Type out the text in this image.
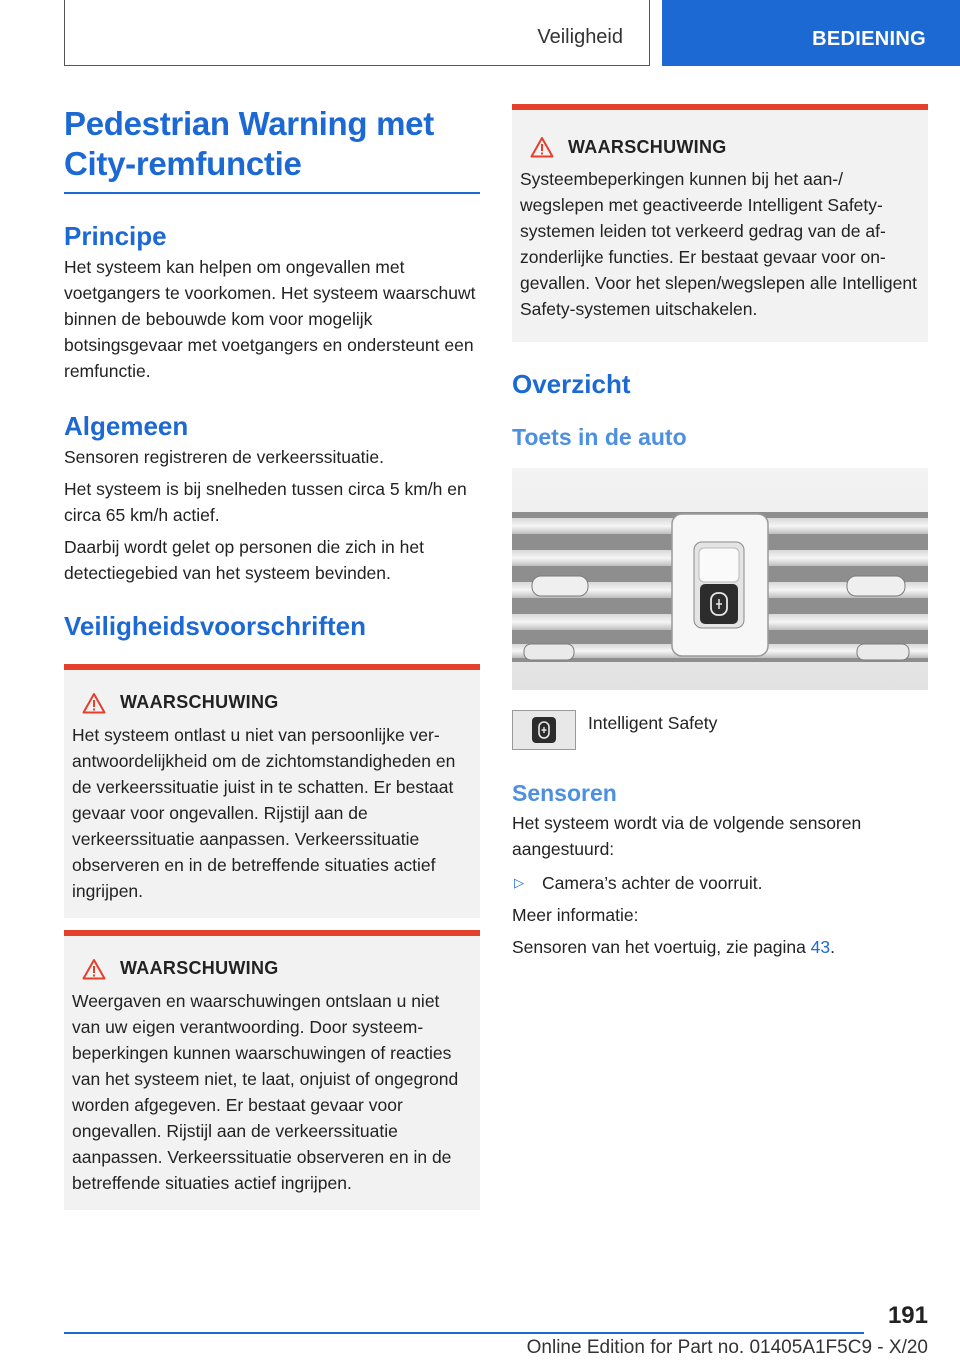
Veiligheid	BEDIENING
Pedestrian Warning met City-remfunctie
Principe

Het systeem kan helpen om ongevallen met voetgangers te voorkomen. Het systeem waarschuwt binnen de bebouwde kom voor mogelijk botsingsgevaar met voetgangers en ondersteunt een remfunctie.

Algemeen

Sensoren registreren de verkeerssituatie.

Het systeem is bij snelheden tussen circa 5 km/h en circa 65 km/h actief.

Daarbij wordt gelet op personen die zich in het detectiegebied van het systeem bevinden.

Veiligheidsvoorschriften
WAARSCHUWING

Het systeem ontlast u niet van persoonlijke verantwoordelijkheid om de zichtomstandigheden en de verkeerssituatie juist in te schatten. Er bestaat gevaar voor ongevallen. Rijstijl aan de verkeerssituatie aanpassen. Verkeerssituatie observeren en in de betreffende situaties actief ingrijpen.

WAARSCHUWING

Weergaven en waarschuwingen ontslaan u niet van uw eigen verantwoording. Door systeembeperkingen kunnen waarschuwingen of reacties van het systeem niet, te laat, onjuist of ongegrond worden afgegeven. Er bestaat gevaar voor ongevallen. Rijstijl aan de verkeerssituatie aanpassen. Verkeerssituatie observeren en in de betreffende situaties actief ingrijpen.

WAARSCHUWING

Systeembeperkingen kunnen bij het aan-/ wegslepen met geactiveerde Intelligent Safety-systemen leiden tot verkeerd gedrag van de afzonderlijke functies. Er bestaat gevaar voor ongevallen. Voor het slepen/wegslepen alle Intelligent Safety-systemen uitschakelen.

Overzicht
Toets in de auto
Intelligent Safety
Sensoren

Het systeem wordt via de volgende sensoren aangestuurd:

▷	Camera’s achter de voorruit.

Meer informatie:

Sensoren van het voertuig, zie pagina 43.

191
Online Edition for Part no. 01405A1F5C9 - X/20
